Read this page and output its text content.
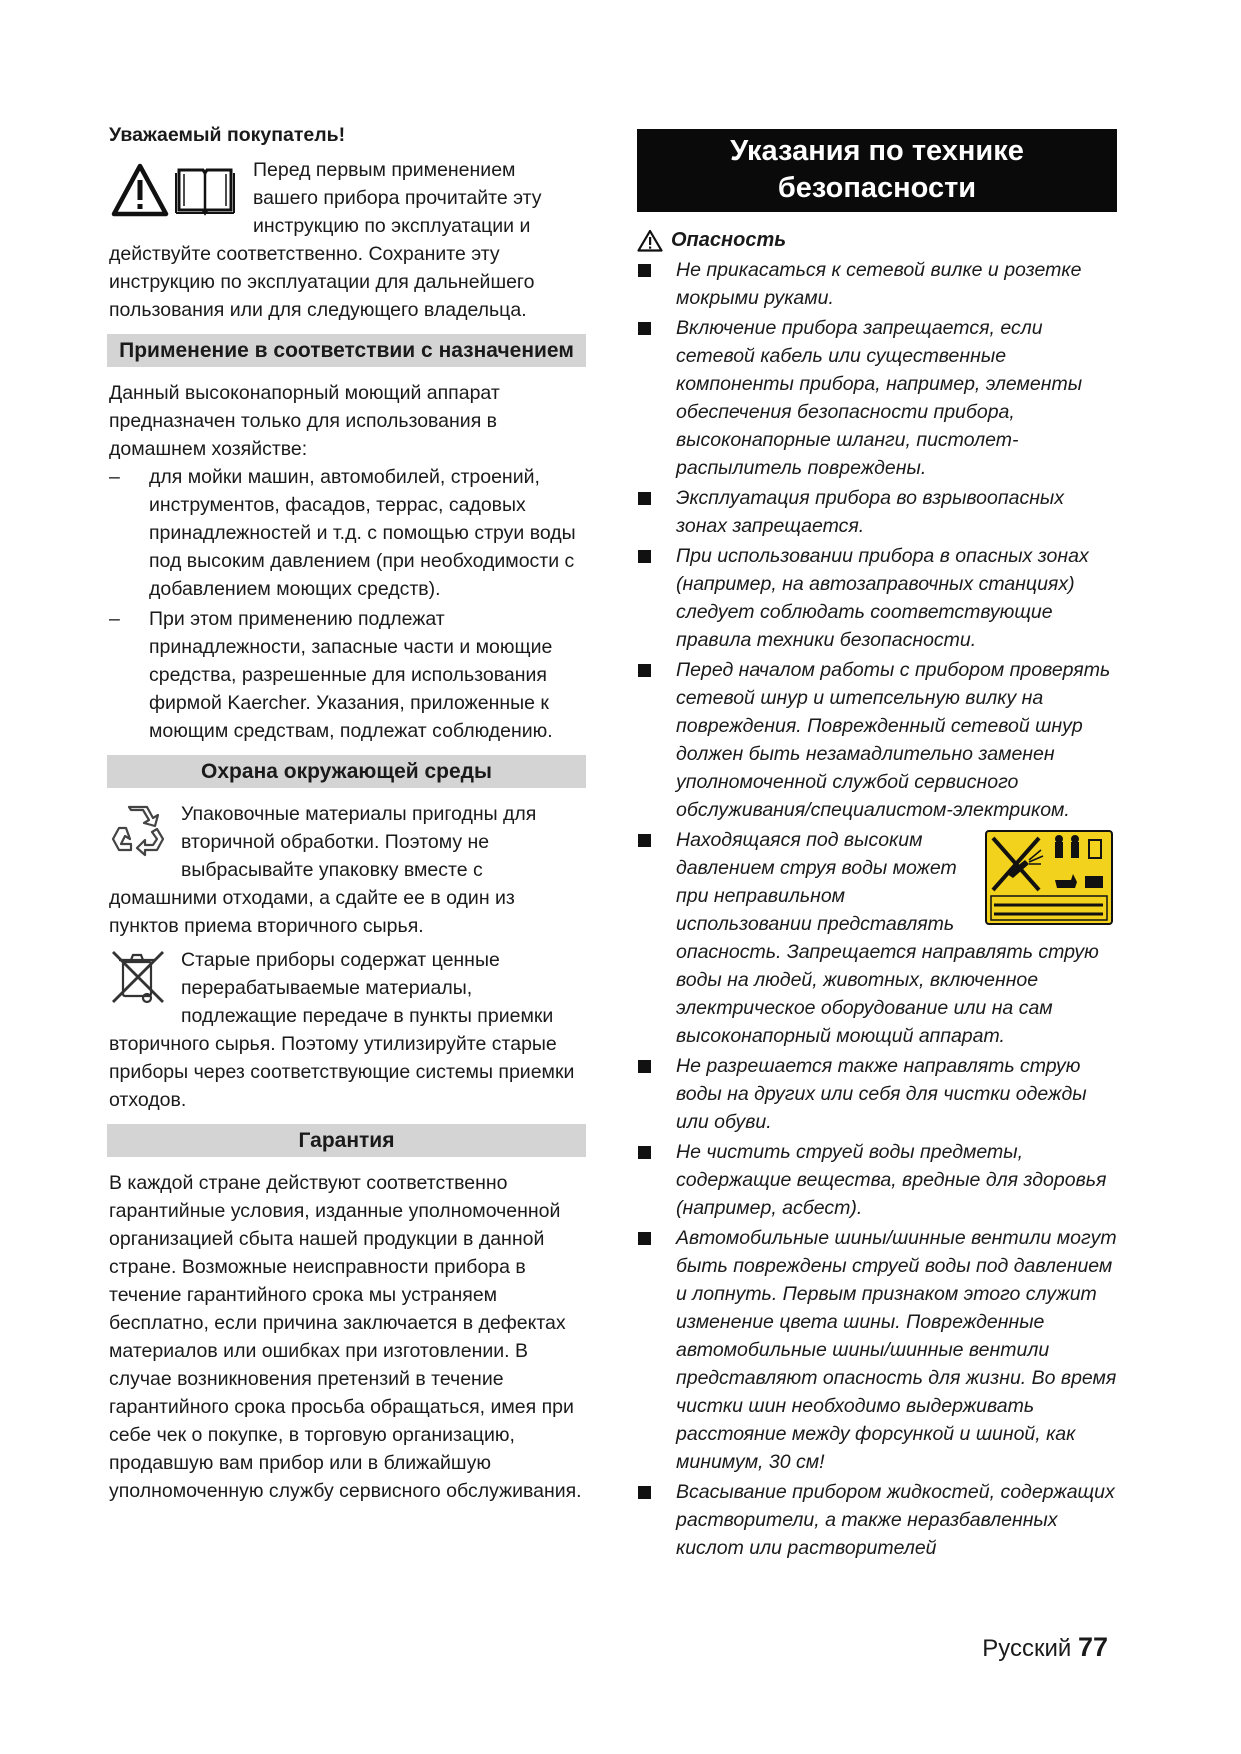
Уважаемый покупатель!

Перед первым применением вашего прибора прочитайте эту инструкцию по эксплуатации и действуйте соответственно. Сохраните эту инструкцию по эксплуатации для дальнейшего пользования или для следующего владельца.

Применение в соответствии с назначением

Данный высоконапорный моющий аппарат предназначен только для использования в домашнем хозяйстве:

– для мойки машин, автомобилей, строений, инструментов, фасадов, террас, садовых принадлежностей и т.д. с помощью струи воды под высоким давлением (при необходимости с добавлением моющих средств).
– При этом применению подлежат принадлежности, запасные части и моющие средства, разрешенные для использования фирмой Kaercher. Указания, приложенные к моющим средствам, подлежат соблюдению.
Охрана окружающей среды

Упаковочные материалы пригодны для вторичной обработки. Поэтому не выбрасывайте упаковку вместе с домашними отходами, а сдайте ее в один из пунктов приема вторичного сырья.

Старые приборы содержат ценные перерабатываемые материалы, подлежащие передаче в пункты приемки вторичного сырья. Поэтому утилизируйте старые приборы через соответствующие системы приемки отходов.

Гарантия

В каждой стране действуют соответственно гарантийные условия, изданные уполномоченной организацией сбыта нашей продукции в данной стране. Возможные неисправности прибора в течение гарантийного срока мы устраняем бесплатно, если причина заключается в дефектах материалов или ошибках при изготовлении. В случае возникновения претензий в течение гарантийного срока просьба обращаться, имея при себе чек о покупке, в торговую организацию, продавшую вам прибор или в ближайшую уполномоченную службу сервисного обслуживания.

Указания по технике безопасности
Опасность
Не прикасаться к сетевой вилке и розетке мокрыми руками.
Включение прибора запрещается, если сетевой кабель или существенные компоненты прибора, например, элементы обеспечения безопасности прибора, высоконапорные шланги, пистолет-распылитель повреждены.
Эксплуатация прибора во взрывоопасных зонах запрещается.
При использовании прибора в опасных зонах (например, на автозаправочных станциях) следует соблюдать соответствующие правила техники безопасности.
Перед началом работы с прибором проверять сетевой шнур и штепсельную вилку на повреждения. Поврежденный сетевой шнур должен быть незамадлительно заменен уполномоченной службой сервисного обслуживания/специалистом-электриком.
Находящаяся под высоким давлением струя воды может при неправильном использовании представлять опасность. Запрещается направлять струю воды на людей, животных, включенное электрическое оборудование или на сам высоконапорный моющий аппарат.
Не разрешается также направлять струю воды на других или себя для чистки одежды или обуви.
Не чистить струей воды предметы, содержащие вещества, вредные для здоровья (например, асбест).
Автомобильные шины/шинные вентили могут быть повреждены струей воды под давлением и лопнуть. Первым признаком этого служит изменение цвета шины. Поврежденные автомобильные шины/шинные вентили представляют опасность для жизни. Во время чистки шин необходимо выдерживать расстояние между форсункой и шиной, как минимум, 30 см!
Всасывание прибором жидкостей, содержащих растворители, а также неразбавленных кислот или растворителей
Русский 77
